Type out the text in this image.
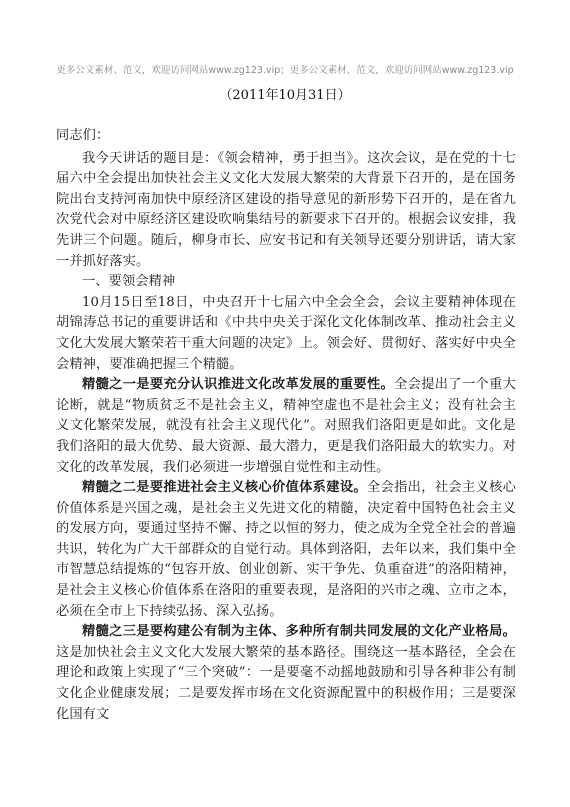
更多公文素材、范文，欢迎访问网站www.zg123.vip；更多公文素材、范文，欢迎访问网站www.zg123.vip
（2011年10月31日）

同志们：

我今天讲话的题目是：《领会精神，勇于担当》。这次会议，是在党的十七届六中全会提出加快社会主义文化大发展大繁荣的大背景下召开的，是在国务院出台支持河南加快中原经济区建设的指导意见的新形势下召开的，是在省九次党代会对中原经济区建设吹响集结号的新要求下召开的。根据会议安排，我先讲三个问题。随后，柳身市长、应安书记和有关领导还要分别讲话，请大家一并抓好落实。

一、要领会精神

10月15日至18日，中央召开十七届六中全会全会，会议主要精神体现在胡锦涛总书记的重要讲话和《中共中央关于深化文化体制改革、推动社会主义文化大发展大繁荣若干重大问题的决定》上。领会好、贯彻好、落实好中央全会精神，要准确把握三个精髓。

精髓之一是要充分认识推进文化改革发展的重要性。全会提出了一个重大论断，就是“物质贫乏不是社会主义，精神空虚也不是社会主义；没有社会主义文化繁荣发展，就没有社会主义现代化”。对照我们洛阳更是如此。文化是我们洛阳的最大优势、最大资源、最大潜力，更是我们洛阳最大的软实力。对文化的改革发展，我们必须进一步增强自觉性和主动性。

精髓之二是要推进社会主义核心价值体系建设。全会指出，社会主义核心价值体系是兴国之魂，是社会主义先进文化的精髓，决定着中国特色社会主义的发展方向，要通过坚持不懈、持之以恒的努力，使之成为全党全社会的普遍共识，转化为广大干部群众的自觉行动。具体到洛阳，去年以来，我们集中全市智慧总结提炼的“包容开放、创业创新、实干争先、负重奋进”的洛阳精神，是社会主义核心价值体系在洛阳的重要表现，是洛阳的兴市之魂、立市之本，必须在全市上下持续弘扬、深入弘扬。

精髓之三是要构建公有制为主体、多种所有制共同发展的文化产业格局。这是加快社会主义文化大发展大繁荣的基本路径。围绕这一基本路径，全会在理论和政策上实现了“三个突破”：一是要毫不动摇地鼓励和引导各种非公有制文化企业健康发展；二是要发挥市场在文化资源配置中的积极作用；三是要深化国有文
